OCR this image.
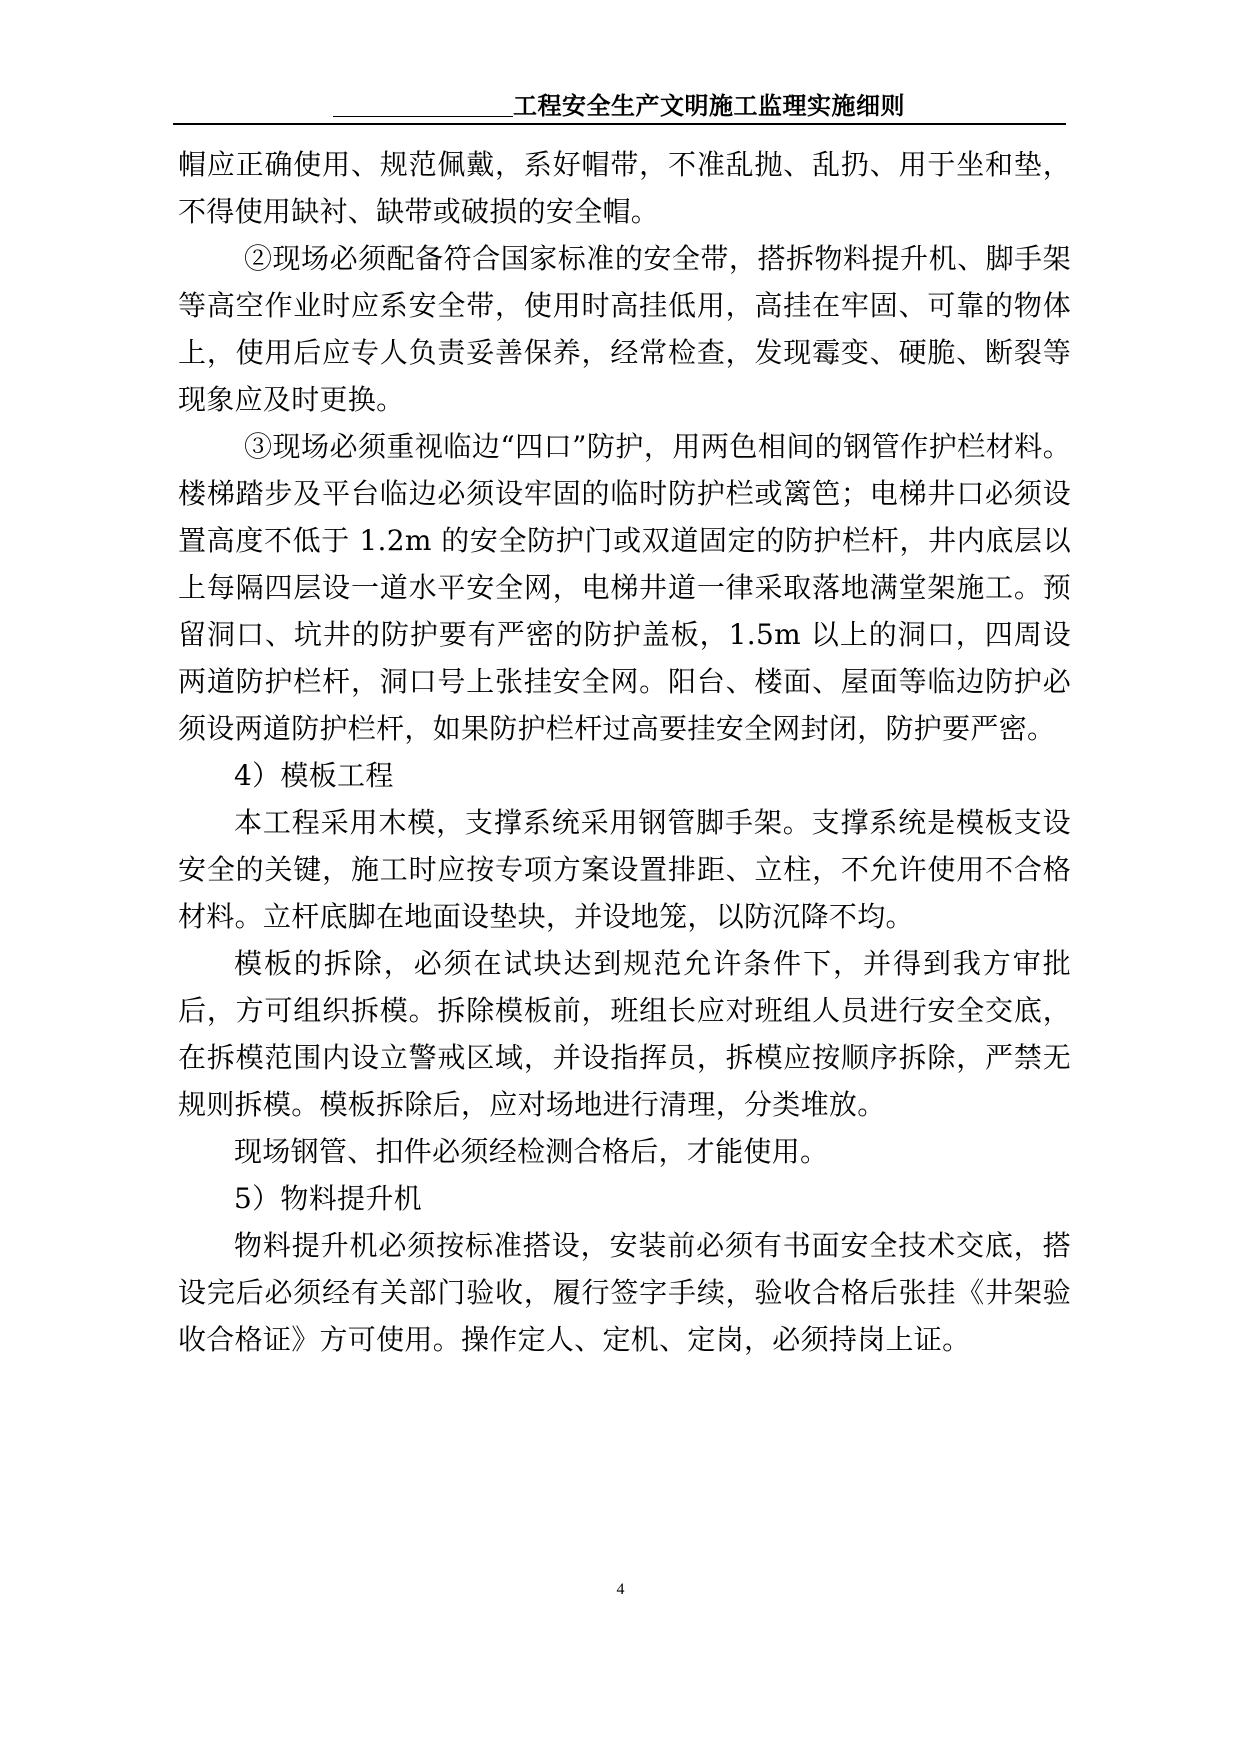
工程安全生产文明施工监理实施细则

帽应正确使用、规范佩戴，系好帽带，不准乱抛、乱扔、用于坐和垫，不得使用缺衬、缺带或破损的安全帽。

②现场必须配备符合国家标准的安全带，搭拆物料提升机、脚手架等高空作业时应系安全带，使用时高挂低用，高挂在牢固、可靠的物体上，使用后应专人负责妥善保养，经常检查，发现霉变、硬脆、断裂等现象应及时更换。

③现场必须重视临边“四口”防护，用两色相间的钢管作护栏材料。楼梯踏步及平台临边必须设牢固的临时防护栏或篱笆；电梯井口必须设置高度不低于 1.2m 的安全防护门或双道固定的防护栏杆，井内底层以上每隔四层设一道水平安全网，电梯井道一律采取落地满堂架施工。预留洞口、坑井的防护要有严密的防护盖板，1.5m 以上的洞口，四周设两道防护栏杆，洞口号上张挂安全网。阳台、楼面、屋面等临边防护必须设两道防护栏杆，如果防护栏杆过高要挂安全网封闭，防护要严密。

4）模板工程

本工程采用木模，支撑系统采用钢管脚手架。支撑系统是模板支设安全的关键，施工时应按专项方案设置排距、立柱，不允许使用不合格材料。立杆底脚在地面设垫块，并设地笼，以防沉降不均。

模板的拆除，必须在试块达到规范允许条件下，并得到我方审批后，方可组织拆模。拆除模板前，班组长应对班组人员进行安全交底，在拆模范围内设立警戒区域，并设指挥员，拆模应按顺序拆除，严禁无规则拆模。模板拆除后，应对场地进行清理，分类堆放。

现场钢管、扣件必须经检测合格后，才能使用。

5）物料提升机

物料提升机必须按标准搭设，安装前必须有书面安全技术交底，搭设完后必须经有关部门验收，履行签字手续，验收合格后张挂《井架验收合格证》方可使用。操作定人、定机、定岗，必须持岗上证。

4
